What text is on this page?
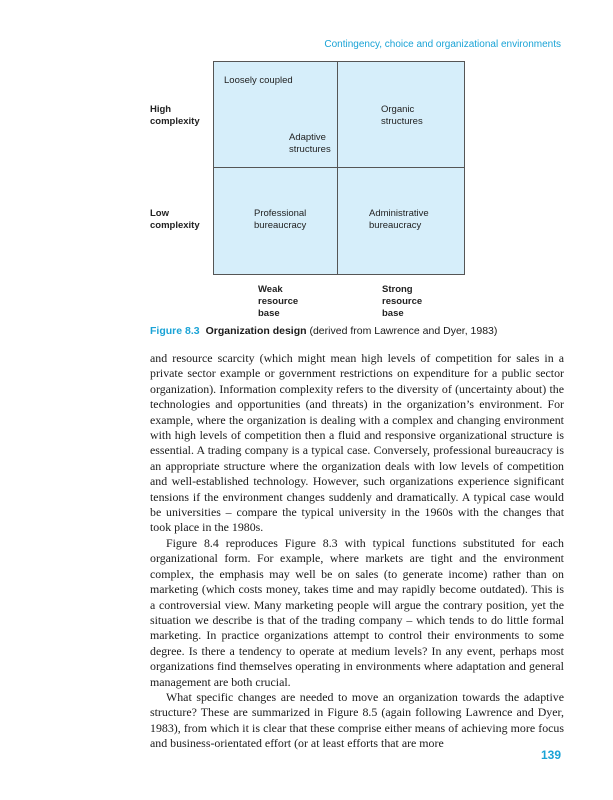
Contingency, choice and organizational environments
Loosely coupled
Organic
structures
Adaptive
structures
Professional
bureaucracy
Administrative
bureaucracy
High
complexity
Low
complexity
Weak
resource
base
Strong
resource
base
Figure 8.3 Organization design (derived from Lawrence and Dyer, 1983)

and resource scarcity (which might mean high levels of competition for sales in a private sector example or government restrictions on expenditure for a public sector organization). Information complexity refers to the diversity of (uncertainty about) the technologies and opportunities (and threats) in the organization’s environment. For example, where the organization is dealing with a complex and changing environment with high levels of competition then a fluid and responsive organizational structure is essential. A trading company is a typical case. Conversely, professional bureaucracy is an appropriate structure where the organization deals with low levels of competition and well-established technology. However, such organizations experience significant tensions if the environment changes suddenly and dramatically. A typical case would be universities – compare the typical university in the 1960s with the changes that took place in the 1980s.

Figure 8.4 reproduces Figure 8.3 with typical functions substituted for each organizational form. For example, where markets are tight and the environment complex, the emphasis may well be on sales (to generate income) rather than on marketing (which costs money, takes time and may rapidly become outdated). This is a controversial view. Many marketing people will argue the contrary position, yet the situation we describe is that of the trading company – which tends to do little formal marketing. In practice organizations attempt to control their environments to some degree. Is there a tendency to operate at medium levels? In any event, perhaps most organizations find themselves operating in environments where adaptation and general management are both crucial.

What specific changes are needed to move an organization towards the adaptive structure? These are summarized in Figure 8.5 (again following Lawrence and Dyer, 1983), from which it is clear that these comprise either means of achieving more focus and business-orientated effort (or at least efforts that are more

139
